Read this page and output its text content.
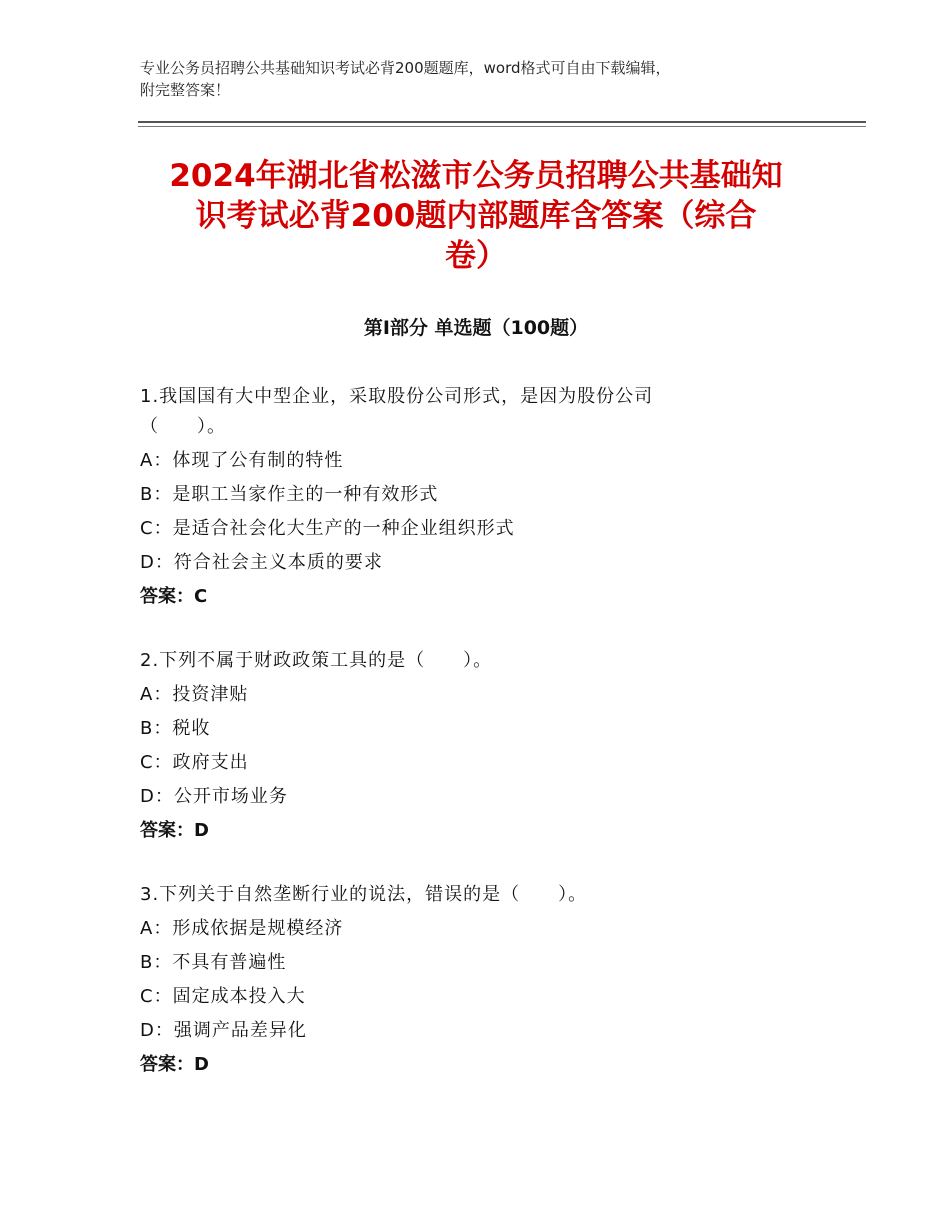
专业公务员招聘公共基础知识考试必背200题题库，word格式可自由下载编辑，
附完整答案！
2024年湖北省松滋市公务员招聘公共基础知
识考试必背200题内部题库含答案（综合
卷）
第Ⅰ部分 单选题（100题）
1.我国国有大中型企业，采取股份公司形式，是因为股份公司
（　　）。
A：体现了公有制的特性
B：是职工当家作主的一种有效形式
C：是适合社会化大生产的一种企业组织形式
D：符合社会主义本质的要求
答案：C
2.下列不属于财政政策工具的是（　　）。
A：投资津贴
B：税收
C：政府支出
D：公开市场业务
答案：D
3.下列关于自然垄断行业的说法，错误的是（　　）。
A：形成依据是规模经济
B：不具有普遍性
C：固定成本投入大
D：强调产品差异化
答案：D
